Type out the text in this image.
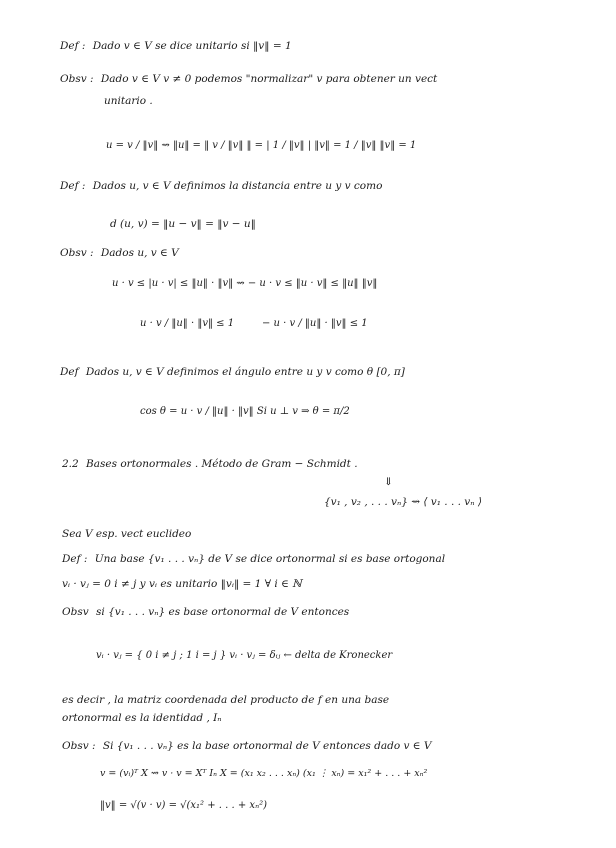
Def : Dado v ∈ V se dice unitario si ‖v‖ = 1
Obsv : Dado v ∈ V v ≠ 0 podemos "normalizar" v para obtener un vect
unitario .
u = v / ‖v‖ ⇝ ‖u‖ = ‖ v / ‖v‖ ‖ = | 1 / ‖v‖ | ‖v‖ = 1 / ‖v‖ ‖v‖ = 1
Def : Dados u, v ∈ V definimos la distancia entre u y v como
d (u, v) = ‖u − v‖ = ‖v − u‖
Obsv : Dados u, v ∈ V
u · v ≤ |u · v| ≤ ‖u‖ · ‖v‖ ⇝ − u · v ≤ ‖u · v‖ ≤ ‖u‖ ‖v‖
u · v / ‖u‖ · ‖v‖ ≤ 1	− u · v / ‖u‖ · ‖v‖ ≤ 1
Def Dados u, v ∈ V definimos el ángulo entre u y v como θ [0, π]
cos θ = u · v / ‖u‖ · ‖v‖ Si u ⊥ v ⇒ θ = π/2
2.2 Bases ortonormales . Método de Gram − Schmidt .
⇓
{v₁ , v₂ , . . . vₙ} ⇝ ⟨ v₁ . . . vₙ ⟩
Sea V esp. vect euclideo
Def : Una base {v₁ . . . vₙ} de V se dice ortonormal si es base ortogonal
vᵢ · vⱼ = 0 i ≠ j y vᵢ es unitario ‖vᵢ‖ = 1 ∀ i ∈ ℕ
Obsv si {v₁ . . . vₙ} es base ortonormal de V entonces
vᵢ · vⱼ = { 0 i ≠ j ; 1 i = j } vᵢ · vⱼ = δᵢⱼ ← delta de Kronecker
es decir , la matriz coordenada del producto de f en una base
ortonormal es la identidad , Iₙ
Obsv : Si {v₁ . . . vₙ} es la base ortonormal de V entonces dado v ∈ V
v = (vᵢ)ᵀ X ⇝ v · v = Xᵀ Iₙ X = (x₁ x₂ . . . xₙ) (x₁ ⋮ xₙ) = x₁² + . . . + xₙ²
‖v‖ = √(v · v) = √(x₁² + . . . + xₙ²)
